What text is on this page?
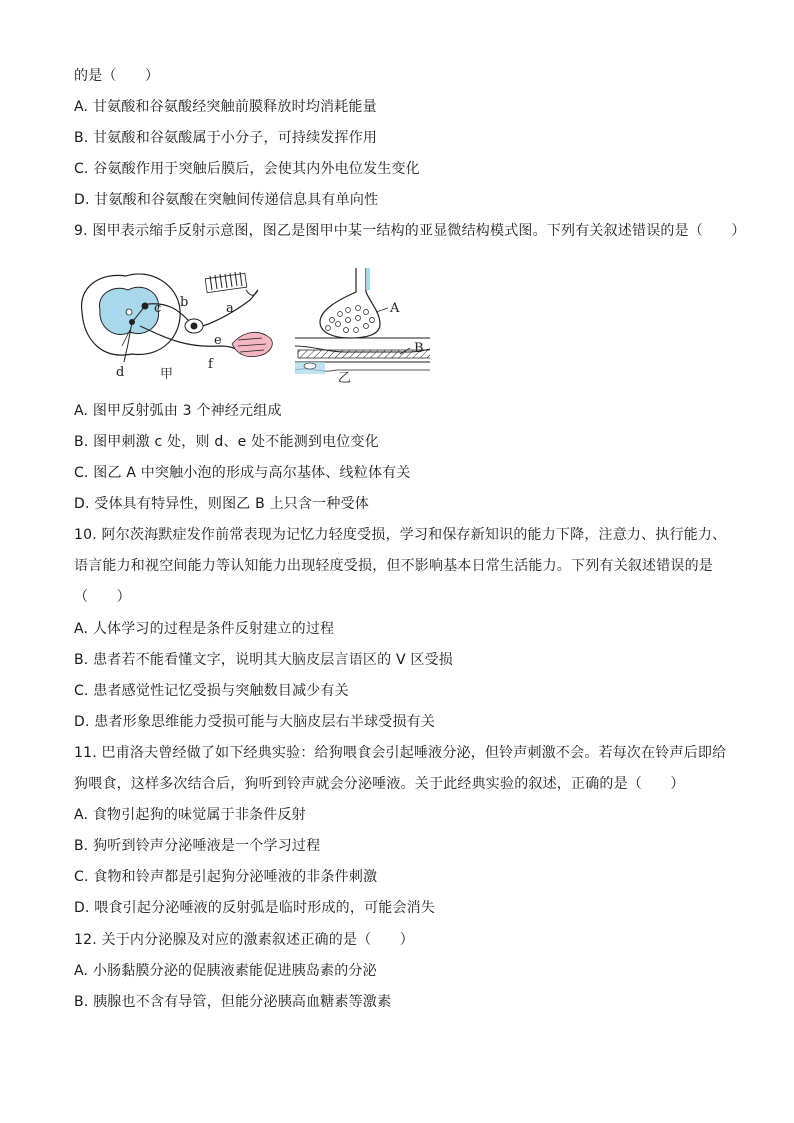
的是（　　）
A. 甘氨酸和谷氨酸经突触前膜释放时均消耗能量
B. 甘氨酸和谷氨酸属于小分子，可持续发挥作用
C. 谷氨酸作用于突触后膜后，会使其内外电位发生变化
D. 甘氨酸和谷氨酸在突触间传递信息具有单向性
9. 图甲表示缩手反射示意图，图乙是图甲中某一结构的亚显微结构模式图。下列有关叙述错误的是（　　）
c b	a
e
f
d	甲
A
B
乙
A. 图甲反射弧由 3 个神经元组成
B. 图甲刺激 c 处，则 d、e 处不能测到电位变化
C. 图乙 A 中突触小泡的形成与高尔基体、线粒体有关
D. 受体具有特异性，则图乙 B 上只含一种受体
10. 阿尔茨海默症发作前常表现为记忆力轻度受损，学习和保存新知识的能力下降，注意力、执行能力、
语言能力和视空间能力等认知能力出现轻度受损，但不影响基本日常生活能力。下列有关叙述错误的是
（　　）
A. 人体学习的过程是条件反射建立的过程
B. 患者若不能看懂文字，说明其大脑皮层言语区的 V 区受损
C. 患者感觉性记忆受损与突触数目减少有关
D. 患者形象思维能力受损可能与大脑皮层右半球受损有关
11. 巴甫洛夫曾经做了如下经典实验：给狗喂食会引起唾液分泌，但铃声刺激不会。若每次在铃声后即给
狗喂食，这样多次结合后，狗听到铃声就会分泌唾液。关于此经典实验的叙述，正确的是（　　）
A. 食物引起狗的味觉属于非条件反射
B. 狗听到铃声分泌唾液是一个学习过程
C. 食物和铃声都是引起狗分泌唾液的非条件刺激
D. 喂食引起分泌唾液的反射弧是临时形成的，可能会消失
12. 关于内分泌腺及对应的激素叙述正确的是（　　）
A. 小肠黏膜分泌的促胰液素能促进胰岛素的分泌
B. 胰腺也不含有导管，但能分泌胰高血糖素等激素
